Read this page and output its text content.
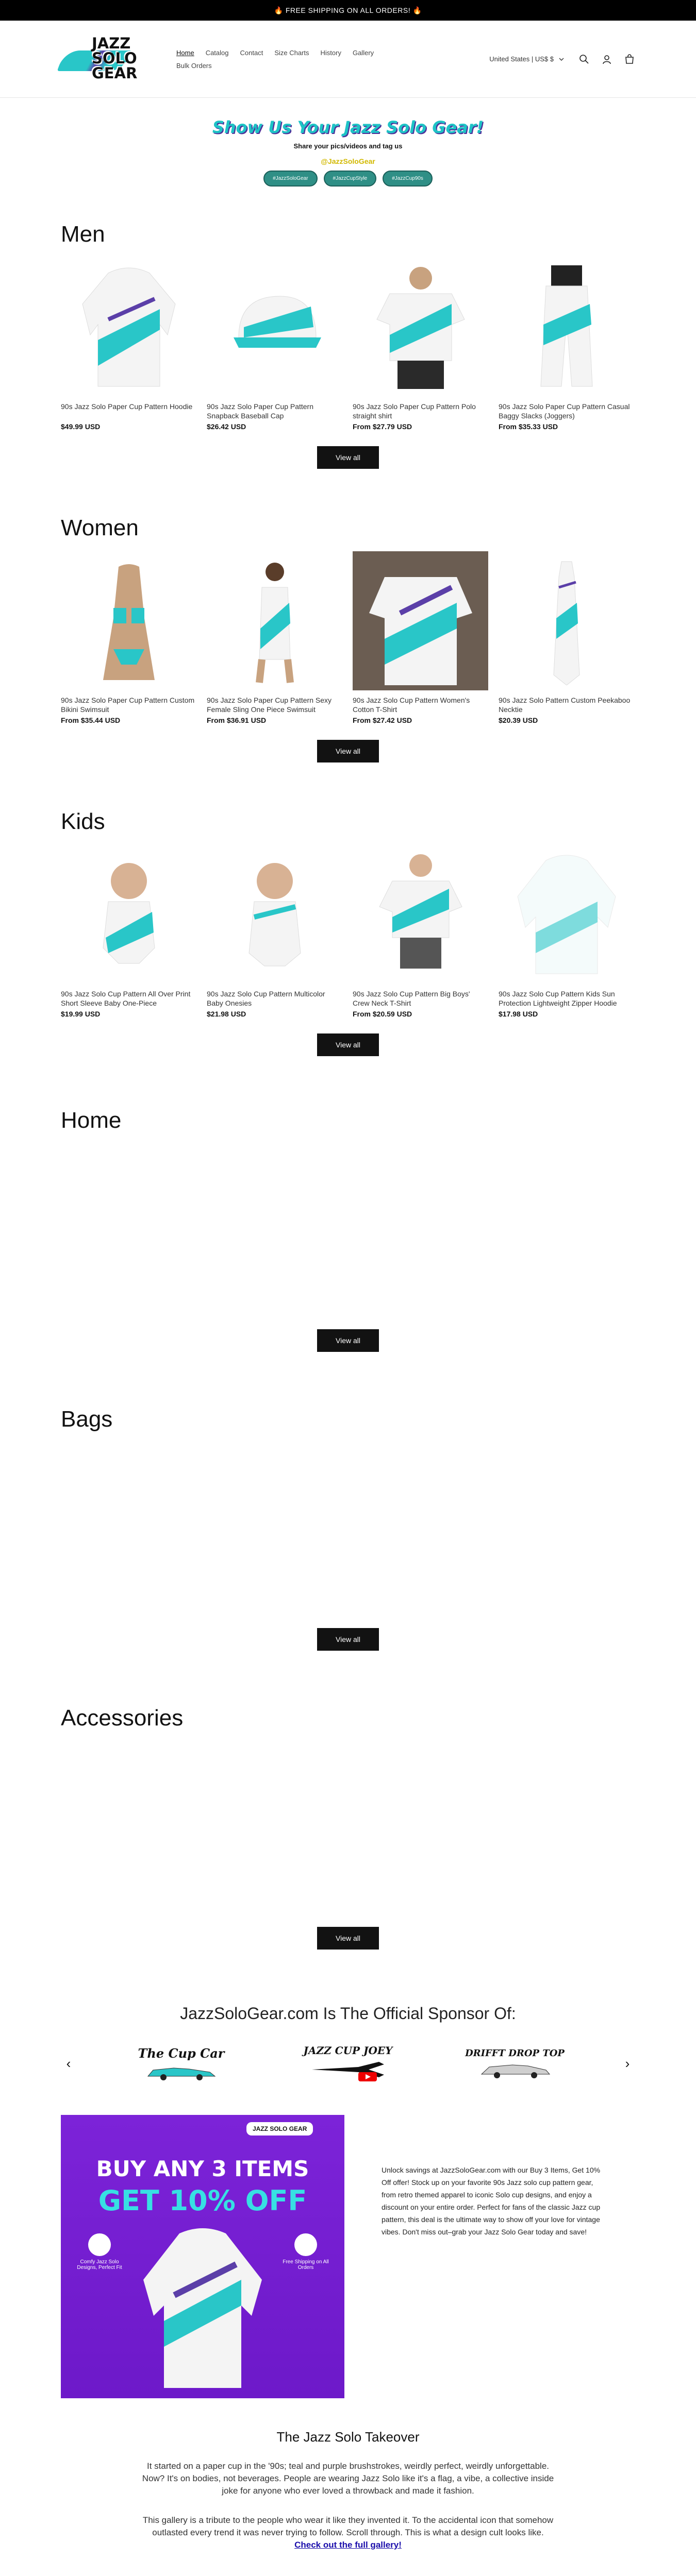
🔥 FREE SHIPPING ON ALL ORDERS! 🔥
JAZZ
SOLO
GEAR
Home Catalog Contact Size Charts History Gallery
Bulk Orders
United States | US$ $
Show Us Your Jazz Solo Gear!
Share your pics/videos and tag us
@JazzSoloGear
#JazzSoloGear	#JazzCupStyle	#JazzCup90s
Men
90s Jazz Solo Paper Cup Pattern Hoodie
$49.99 USD
90s Jazz Solo Paper Cup Pattern Snapback Baseball Cap
$26.42 USD
90s Jazz Solo Paper Cup Pattern Polo straight shirt
From $27.79 USD
90s Jazz Solo Paper Cup Pattern Casual Baggy Slacks (Joggers)
From $35.33 USD
View all
Women
90s Jazz Solo Paper Cup Pattern Custom Bikini Swimsuit
From $35.44 USD
90s Jazz Solo Paper Cup Pattern Sexy Female Sling One Piece Swimsuit
From $36.91 USD
90s Jazz Solo Cup Pattern Women's Cotton T-Shirt
From $27.42 USD
90s Jazz Solo Pattern Custom Peekaboo Necktie
$20.39 USD
View all
Kids
90s Jazz Solo Cup Pattern All Over Print Short Sleeve Baby One-Piece
$19.99 USD
90s Jazz Solo Cup Pattern Multicolor Baby Onesies
$21.98 USD
90s Jazz Solo Cup Pattern Big Boys' Crew Neck T-Shirt
From $20.59 USD
90s Jazz Solo Cup Pattern Kids Sun Protection Lightweight Zipper Hoodie
$17.98 USD
View all
Home
View all
Bags
View all
Accessories
View all
JazzSoloGear.com Is The Official Sponsor Of:
‹
The Cup Car	JAZZ CUP JOEY	DRIFFT DROP TOP
›
JAZZ SOLO GEAR
BUY ANY 3 ITEMS
GET 10% OFF
Comfy Jazz Solo Designs, Perfect Fit
Free Shipping on All Orders
Unlock savings at JazzSoloGear.com with our Buy 3 Items, Get 10% Off offer! Stock up on your favorite 90s Jazz solo cup pattern gear, from retro themed apparel to iconic Solo cup designs, and enjoy a discount on your entire order. Perfect for fans of the classic Jazz cup pattern, this deal is the ultimate way to show off your love for vintage vibes. Don't miss out–grab your Jazz Solo Gear today and save!
The Jazz Solo Takeover

It started on a paper cup in the '90s; teal and purple brushstrokes, weirdly perfect, weirdly unforgettable. Now? It's on bodies, not beverages. People are wearing Jazz Solo like it's a flag, a vibe, a collective inside joke for anyone who ever loved a throwback and made it fashion.

This gallery is a tribute to the people who wear it like they invented it. To the accidental icon that somehow outlasted every trend it was never trying to follow. Scroll through. This is what a design cult looks like. Check out the full gallery!
